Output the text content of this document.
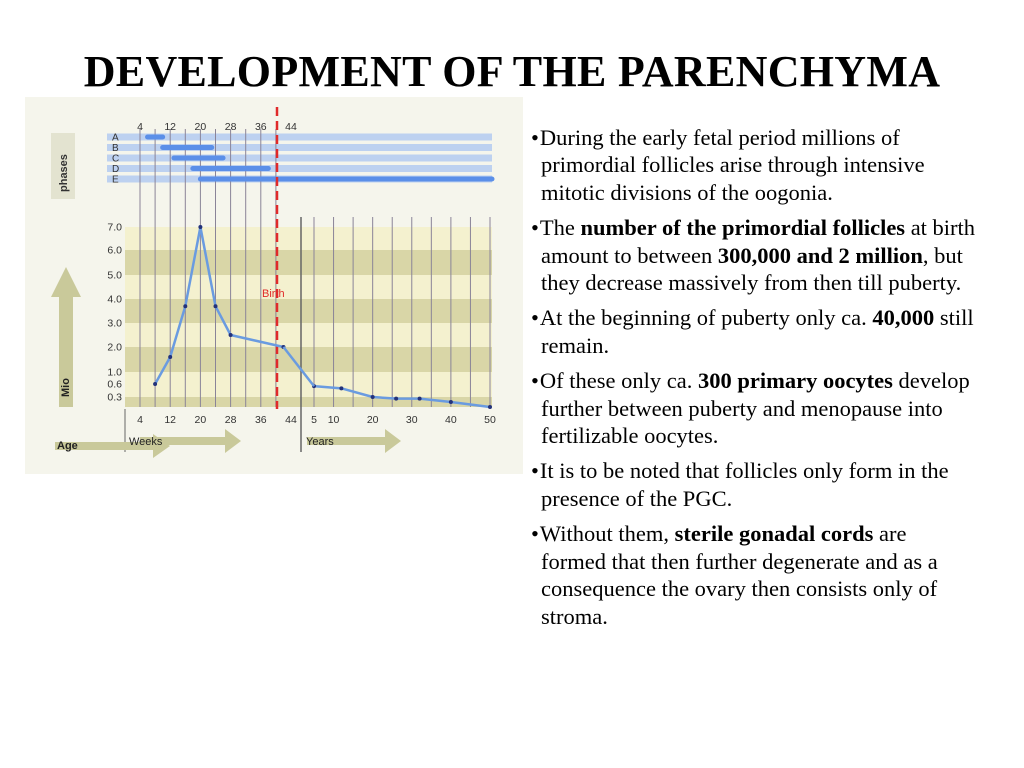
DEVELOPMENT OF THE PARENCHYMA
4 12 20 28 36 44
A
B
C
D
E
0.3
0.6
1.0
2.0
3.0
4.0
5.0
6.0
7.0
Birth
4 12 20 28 36 44 5 10	20	30	40	50
Age	Weeks	Years
Mio
phases
•During the early fetal period millions of primordial follicles arise through intensive mitotic divisions of the oogonia.
•The number of the primordial follicles at birth amount to between 300,000 and 2 million, but they decrease massively from then till puberty.
•At the beginning of puberty only ca. 40,000 still remain.
•Of these only ca. 300 primary oocytes develop further between puberty and menopause into fertilizable oocytes.
•It is to be noted that follicles only form in the presence of the PGC.
•Without them, sterile gonadal cords are formed that then further degenerate and as a consequence the ovary then consists only of stroma.
